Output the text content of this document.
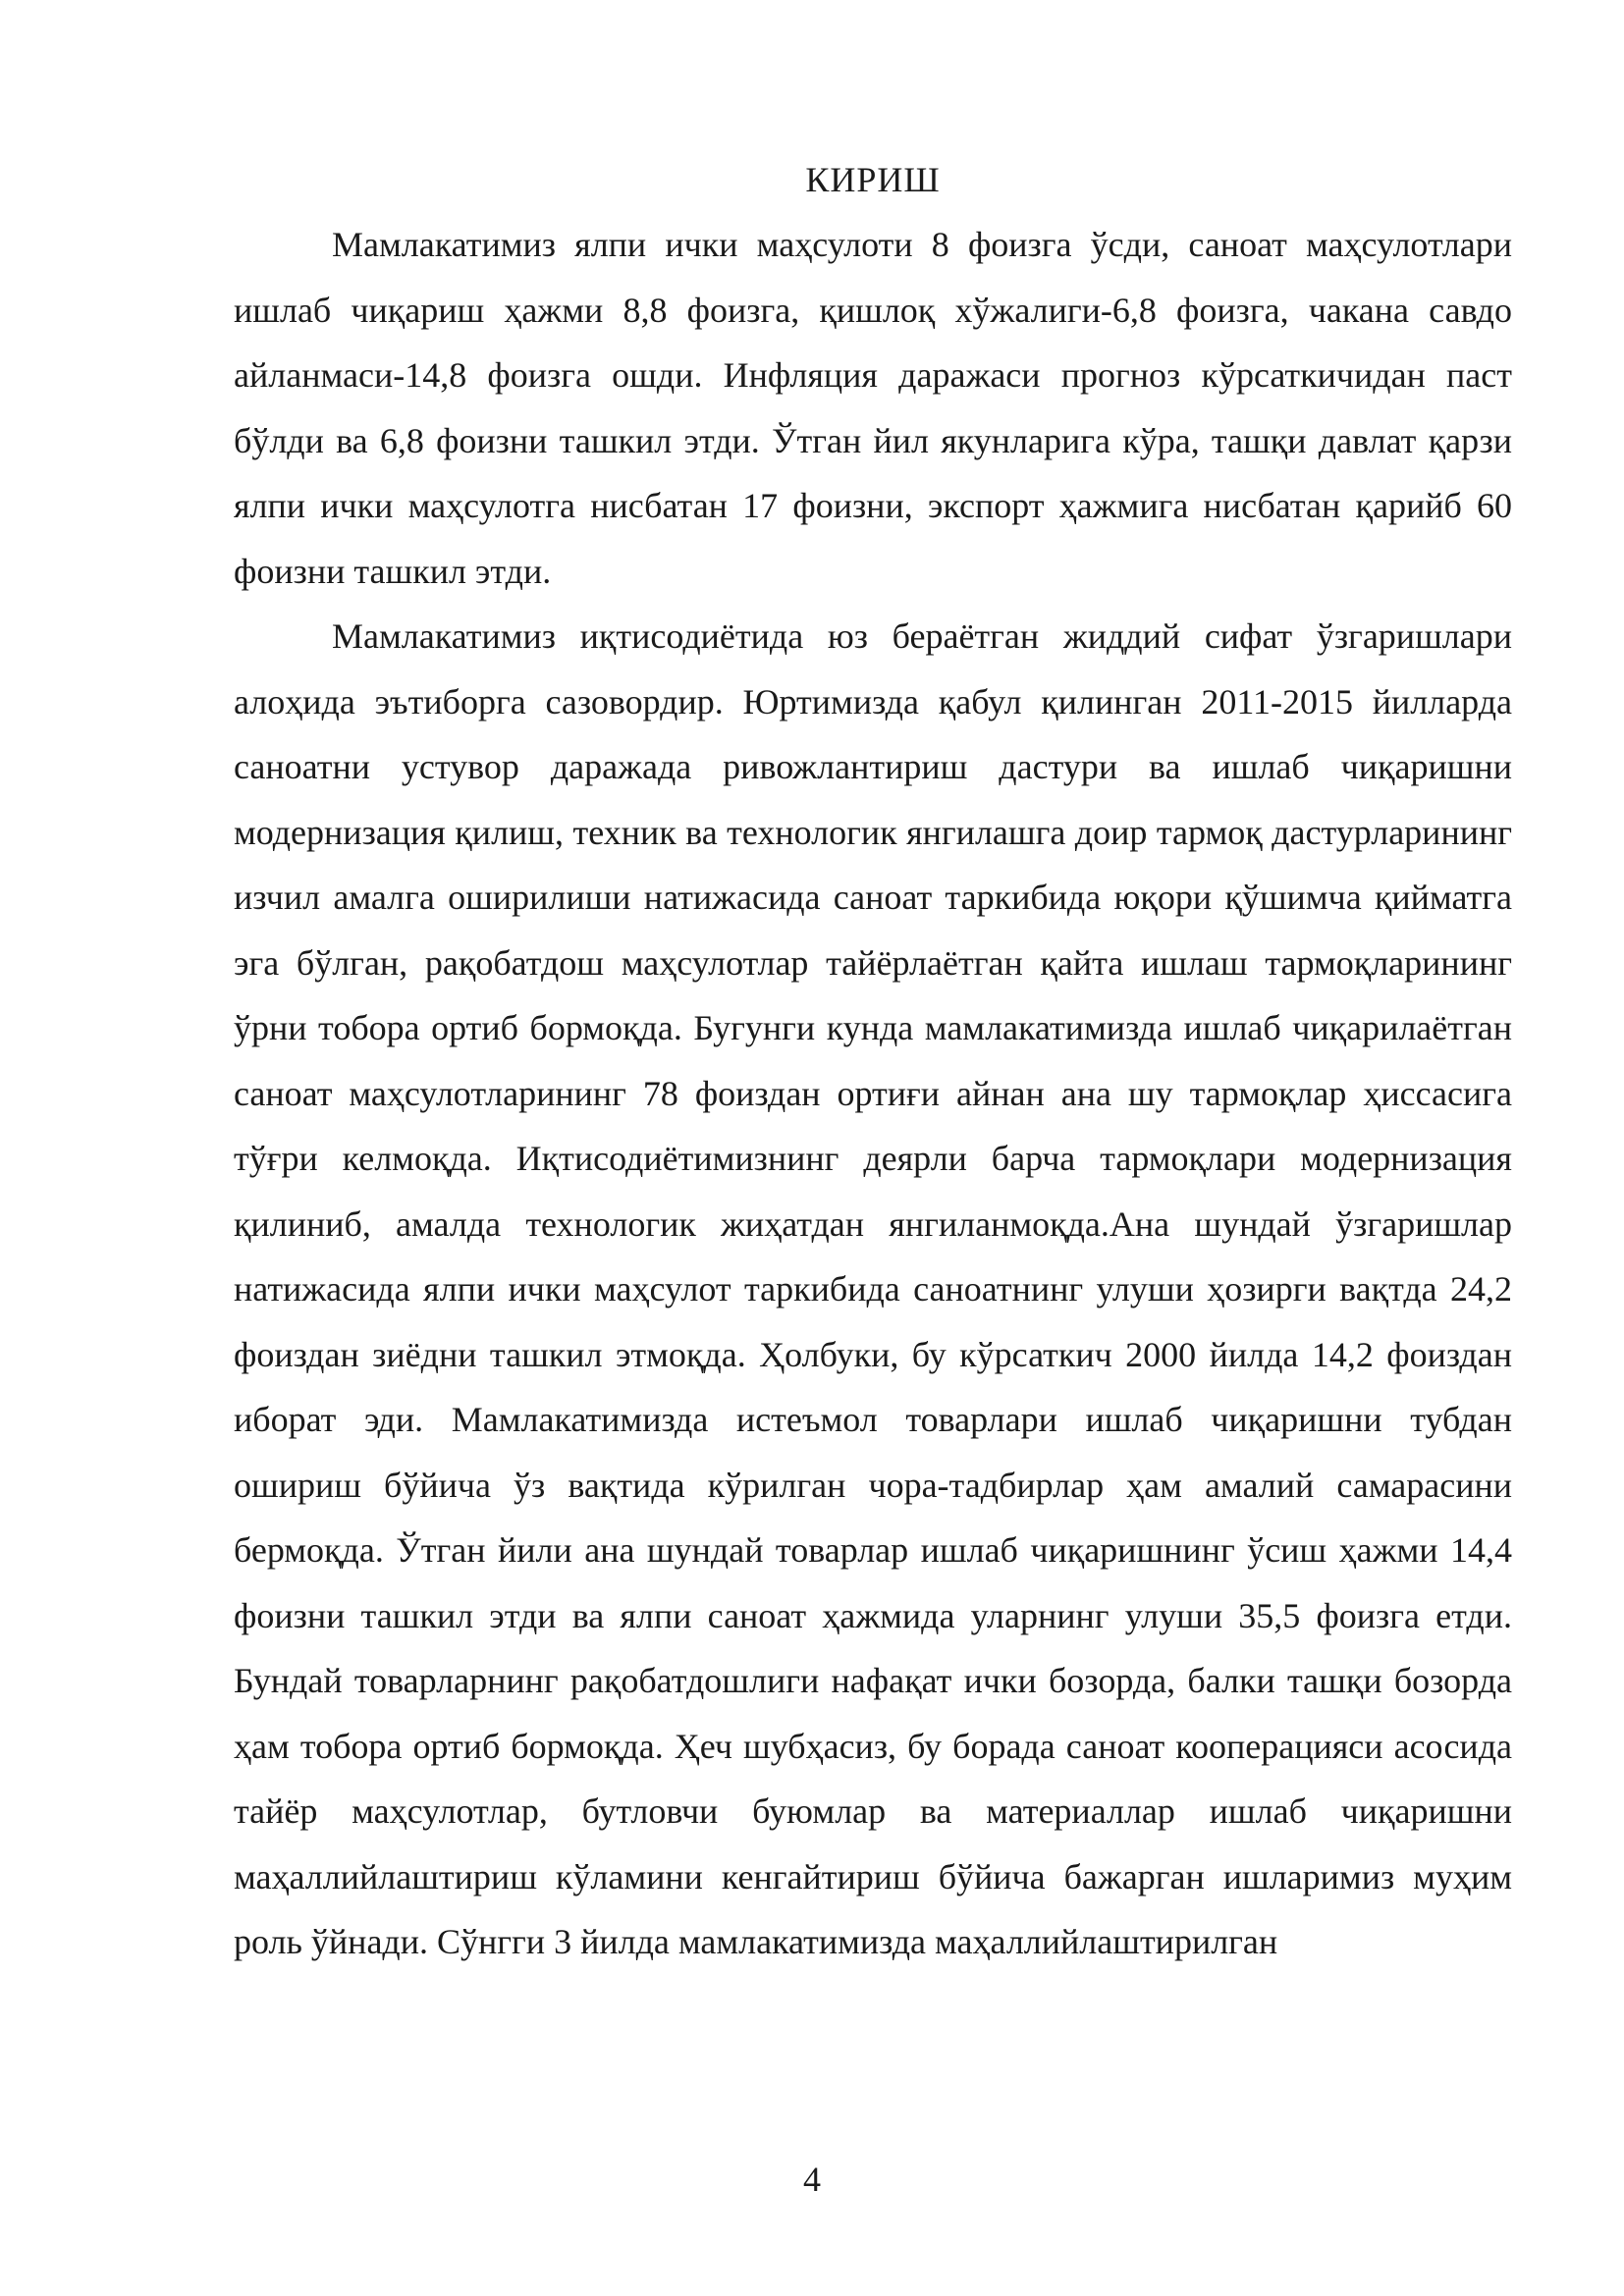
КИРИШ

Мамлакатимиз ялпи ички маҳсулоти 8 фоизга ўсди, саноат маҳсулотлари ишлаб чиқариш ҳажми 8,8 фоизга, қишлоқ хўжалиги-6,8 фоизга, чакана савдо айланмаси-14,8 фоизга ошди. Инфляция даражаси прогноз кўрсаткичидан паст бўлди ва 6,8 фоизни ташкил этди. Ўтган йил якунларига кўра, ташқи давлат қарзи ялпи ички маҳсулотга нисбатан 17 фоизни, экспорт ҳажмига нисбатан қарийб 60 фоизни ташкил этди.

Мамлакатимиз иқтисодиётида юз бераётган жиддий сифат ўзгаришлари алоҳида эътиборга сазовордир. Юртимизда қабул қилинган 2011-2015 йилларда саноатни устувор даражада ривожлантириш дастури ва ишлаб чиқаришни модернизация қилиш, техник ва технологик янгилашга доир тармоқ дастурларининг изчил амалга оширилиши натижасида саноат таркибида юқори қўшимча қийматга эга бўлган, рақобатдош маҳсулотлар тайёрлаётган қайта ишлаш тармоқларининг ўрни тобора ортиб бормоқда. Бугунги кунда мамлакатимизда ишлаб чиқарилаётган саноат маҳсулотларининг 78 фоиздан ортиғи айнан ана шу тармоқлар ҳиссасига тўғри келмоқда. Иқтисодиётимизнинг деярли барча тармоқлари модернизация қилиниб, амалда технологик жиҳатдан янгиланмоқда.Ана шундай ўзгаришлар натижасида ялпи ички маҳсулот таркибида саноатнинг улуши ҳозирги вақтда 24,2 фоиздан зиёдни ташкил этмоқда. Ҳолбуки, бу кўрсаткич 2000 йилда 14,2 фоиздан иборат эди. Мамлакатимизда истеъмол товарлари ишлаб чиқаришни тубдан ошириш бўйича ўз вақтида кўрилган чора-тадбирлар ҳам амалий самарасини бермоқда. Ўтган йили ана шундай товарлар ишлаб чиқаришнинг ўсиш ҳажми 14,4 фоизни ташкил этди ва ялпи саноат ҳажмида уларнинг улуши 35,5 фоизга етди. Бундай товарларнинг рақобатдошлиги нафақат ички бозорда, балки ташқи бозорда ҳам тобора ортиб бормоқда. Ҳеч шубҳасиз, бу борада саноат кооперацияси асосида тайёр маҳсулотлар, бутловчи буюмлар ва материаллар ишлаб чиқаришни маҳаллийлаштириш кўламини кенгайтириш бўйича бажарган ишларимиз муҳим роль ўйнади. Сўнгги 3 йилда мамлакатимизда маҳаллийлаштирилган

4
